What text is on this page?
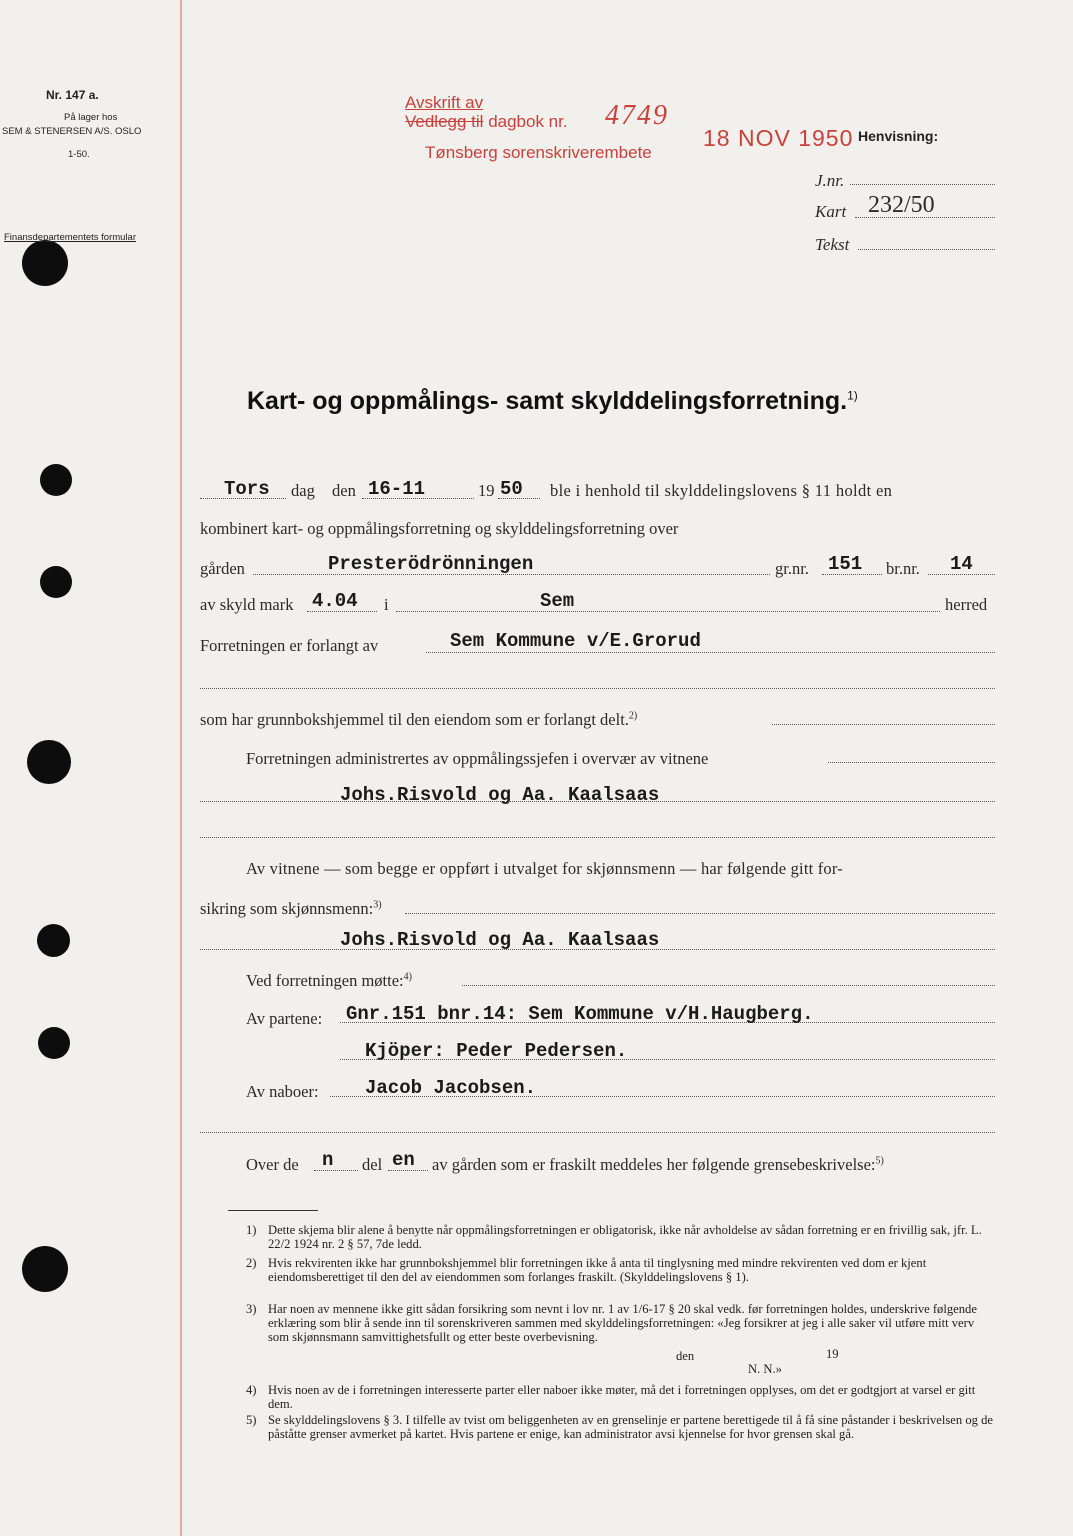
Nr. 147 a.
På lager hos
SEM & STENERSEN A/S. OSLO
1-50.
Finansdepartementets formular
Avskrift av
Vedlegg til dagbok nr. 4749
Tønsberg sorenskriverembete
18 NOV 1950 Henvisning:
J.nr.
Kart 232/50
Tekst
Kart- og oppmålings- samt skylddelingsforretning.$^{1)}$
Tors dag den 16-11	19 50 ble i henhold til skylddelingslovens § 11 holdt en
kombinert kart- og oppmålingsforretning og skylddelingsforretning over
gården	Presterödrönningen	gr.nr. 151 br.nr. 14
av skyld mark 4.04 i	Sem	herred
Forretningen er forlangt av	Sem Kommune v/E.Grorud
som har grunnbokshjemmel til den eiendom som er forlangt delt.$^{2)}$
Forretningen administrertes av oppmålingssjefen i overvær av vitnene
Johs.Risvold og Aa. Kaalsaas
Av vitnene — som begge er oppført i utvalget for skjønnsmenn — har følgende gitt for-
sikring som skjønnsmenn:$^{3)}$
Johs.Risvold og Aa. Kaalsaas
Ved forretningen møtte:$^{4)}$
Av partene: Gnr.151 bnr.14: Sem Kommune v/H.Haugberg.
Kjöper: Peder Pedersen.
Av naboer: Jacob Jacobsen.
Over de n del en av gården som er fraskilt meddeles her følgende grensebeskrivelse:$^{5)}$
1) Dette skjema blir alene å benytte når oppmålingsforretningen er obligatorisk, ikke når avholdelse av sådan forretning er en frivillig sak, jfr. L. 22/2 1924 nr. 2 § 57, 7de ledd.
2) Hvis rekvirenten ikke har grunnbokshjemmel blir forretningen ikke å anta til tinglysning med mindre rekvirenten ved dom er kjent eiendomsberettiget til den del av eiendommen som forlanges fraskilt. (Skylddelingslovens § 1).
3) Har noen av mennene ikke gitt sådan forsikring som nevnt i lov nr. 1 av 1/6-17 § 20 skal vedk. før forretningen holdes, underskrive følgende erklæring som blir å sende inn til sorenskriveren sammen med skylddelingsforretningen: «Jeg forsikrer at jeg i alle saker vil utføre mitt verv som skjønnsmann samvittighetsfullt og etter beste overbevisning.
den	19
N. N.»
4) Hvis noen av de i forretningen interesserte parter eller naboer ikke møter, må det i forretningen opplyses, om det er godtgjort at varsel er gitt dem.
5) Se skylddelingslovens § 3. I tilfelle av tvist om beliggenheten av en grenselinje er partene berettigede til å få sine påstander i beskrivelsen og de påståtte grenser avmerket på kartet. Hvis partene er enige, kan administrator avsi kjennelse for hvor grensen skal gå.
